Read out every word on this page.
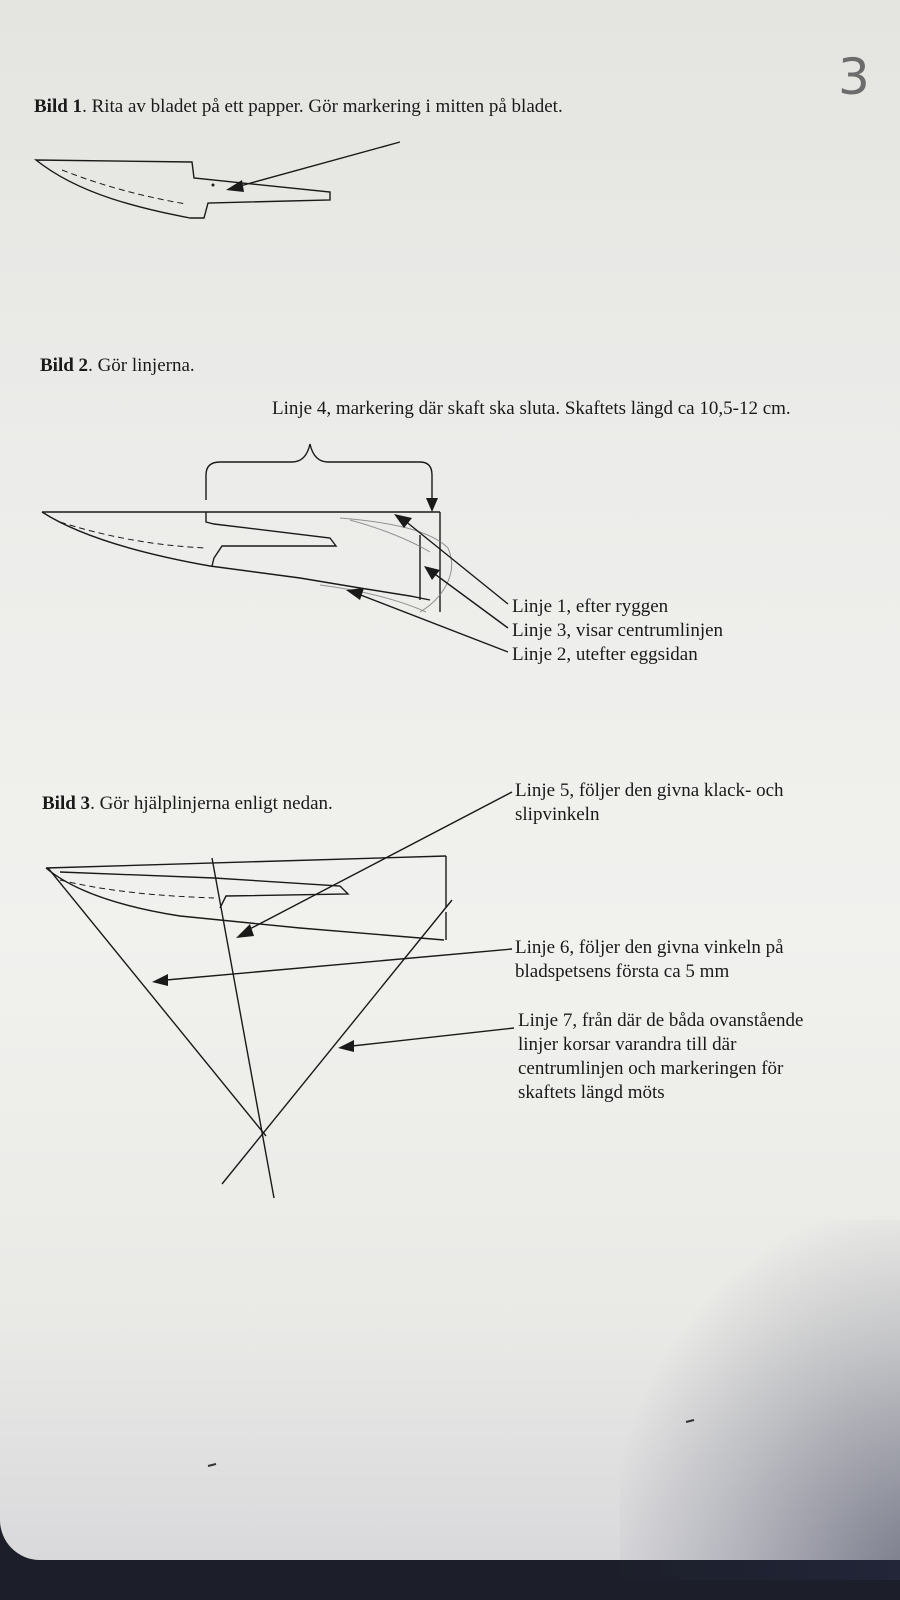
3
Bild 1. Rita av bladet på ett papper. Gör markering i mitten på bladet.
Bild 2. Gör linjerna.
Linje 4, markering där skaft ska sluta. Skaftets längd ca 10,5-12 cm.
Linje 1, efter ryggen
Linje 3, visar centrumlinjen
Linje 2, utefter eggsidan
Bild 3. Gör hjälplinjerna enligt nedan.
Linje 5, följer den givna klack- och
slipvinkeln
Linje 6, följer den givna vinkeln på
bladspetsens första ca 5 mm
Linje 7, från där de båda ovanstående
linjer korsar varandra till där
centrumlinjen och markeringen för
skaftets längd möts
